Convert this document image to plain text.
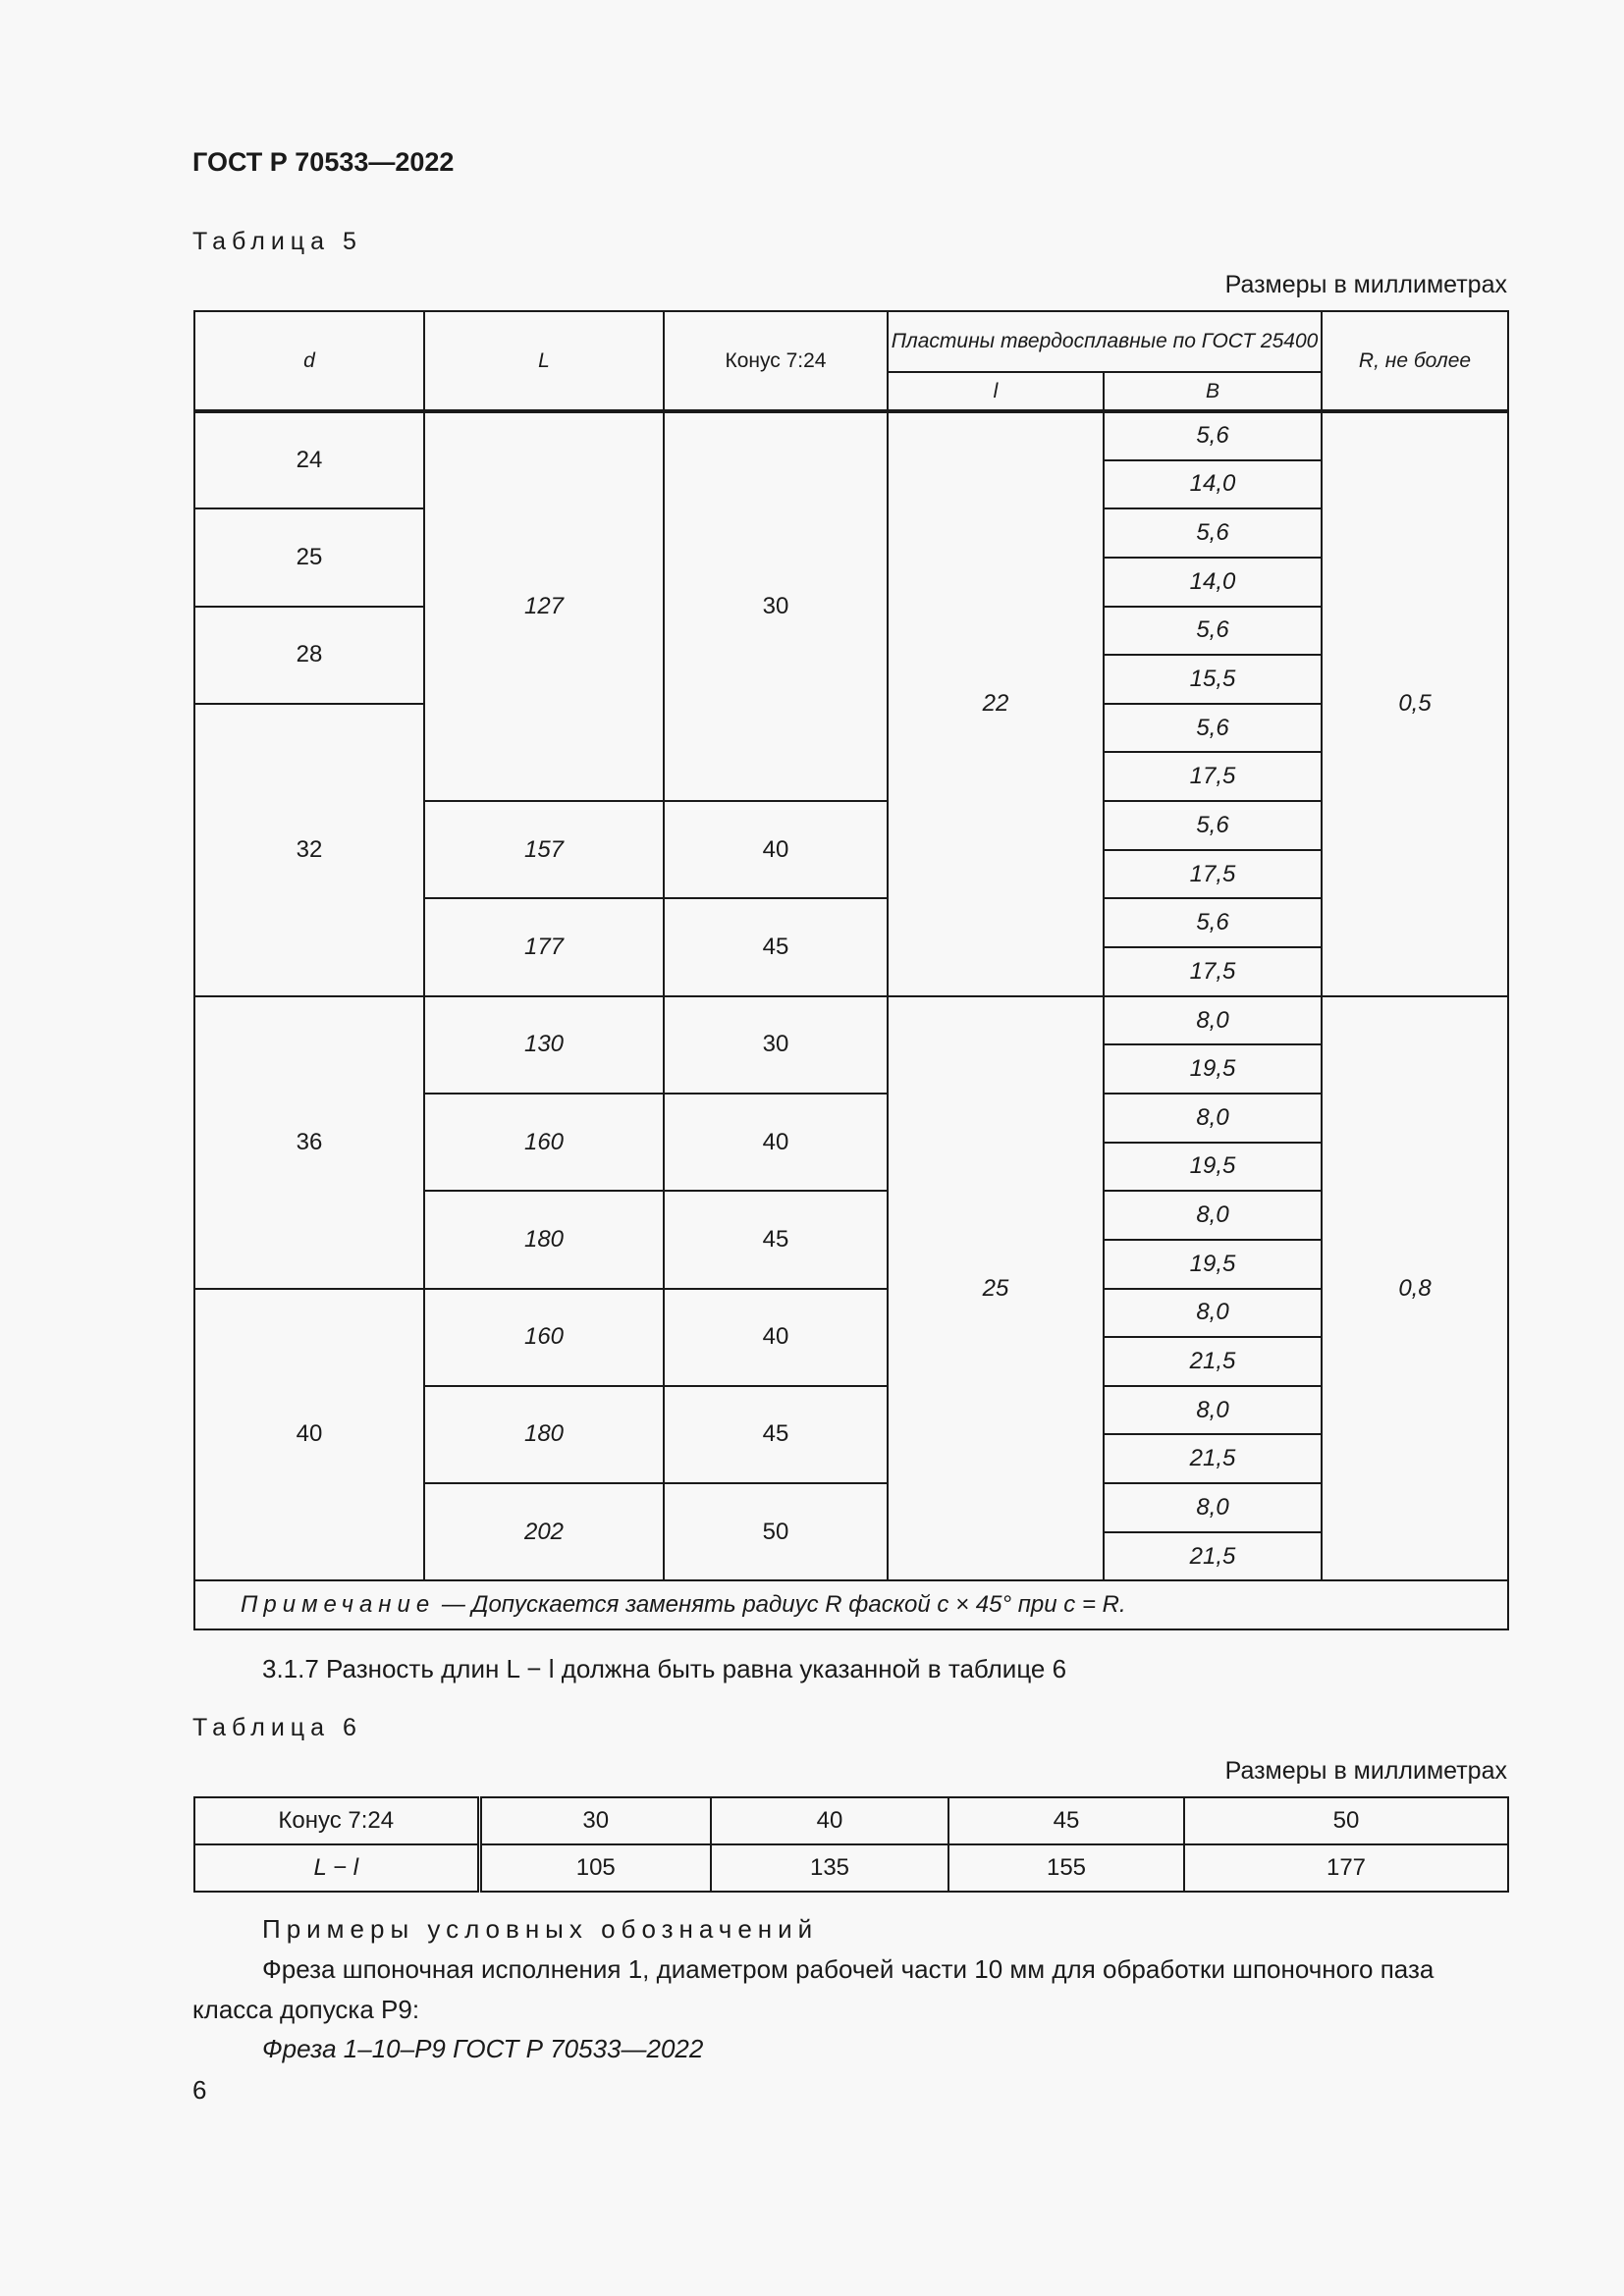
ГОСТ Р 70533—2022
Таблица 5
Размеры в миллиметрах
d	L	Конус 7:24	Пластины твердосплавные по ГОСТ 25400		R, не более
			l	B	
24	127	30	22	5,6	0,5
				14,0	
25				5,6	
				14,0	
28				5,6	
				15,5	
32				5,6	
				17,5	
	157	40		5,6	
				17,5	
	177	45		5,6	
				17,5	
36	130	30	25	8,0	0,8
				19,5	
	160	40		8,0	
				19,5	
	180	45		8,0	
				19,5	
40	160	40		8,0	
				21,5	
	180	45		8,0	
				21,5	
	202	50		8,0	
				21,5	
Примечание — Допускается заменять радиус R фаской c × 45° при c = R.					
3.1.7 Разность длин L − l должна быть равна указанной в таблице 6
Таблица 6
Размеры в миллиметрах
Конус 7:24	30	40	45	50
L − l	105	135	155	177
Примеры условных обозначений
Фреза шпоночная исполнения 1, диаметром рабочей части 10 мм для обработки шпоночного паза
класса допуска Р9:
Фреза 1–10–Р9 ГОСТ Р 70533—2022
6
